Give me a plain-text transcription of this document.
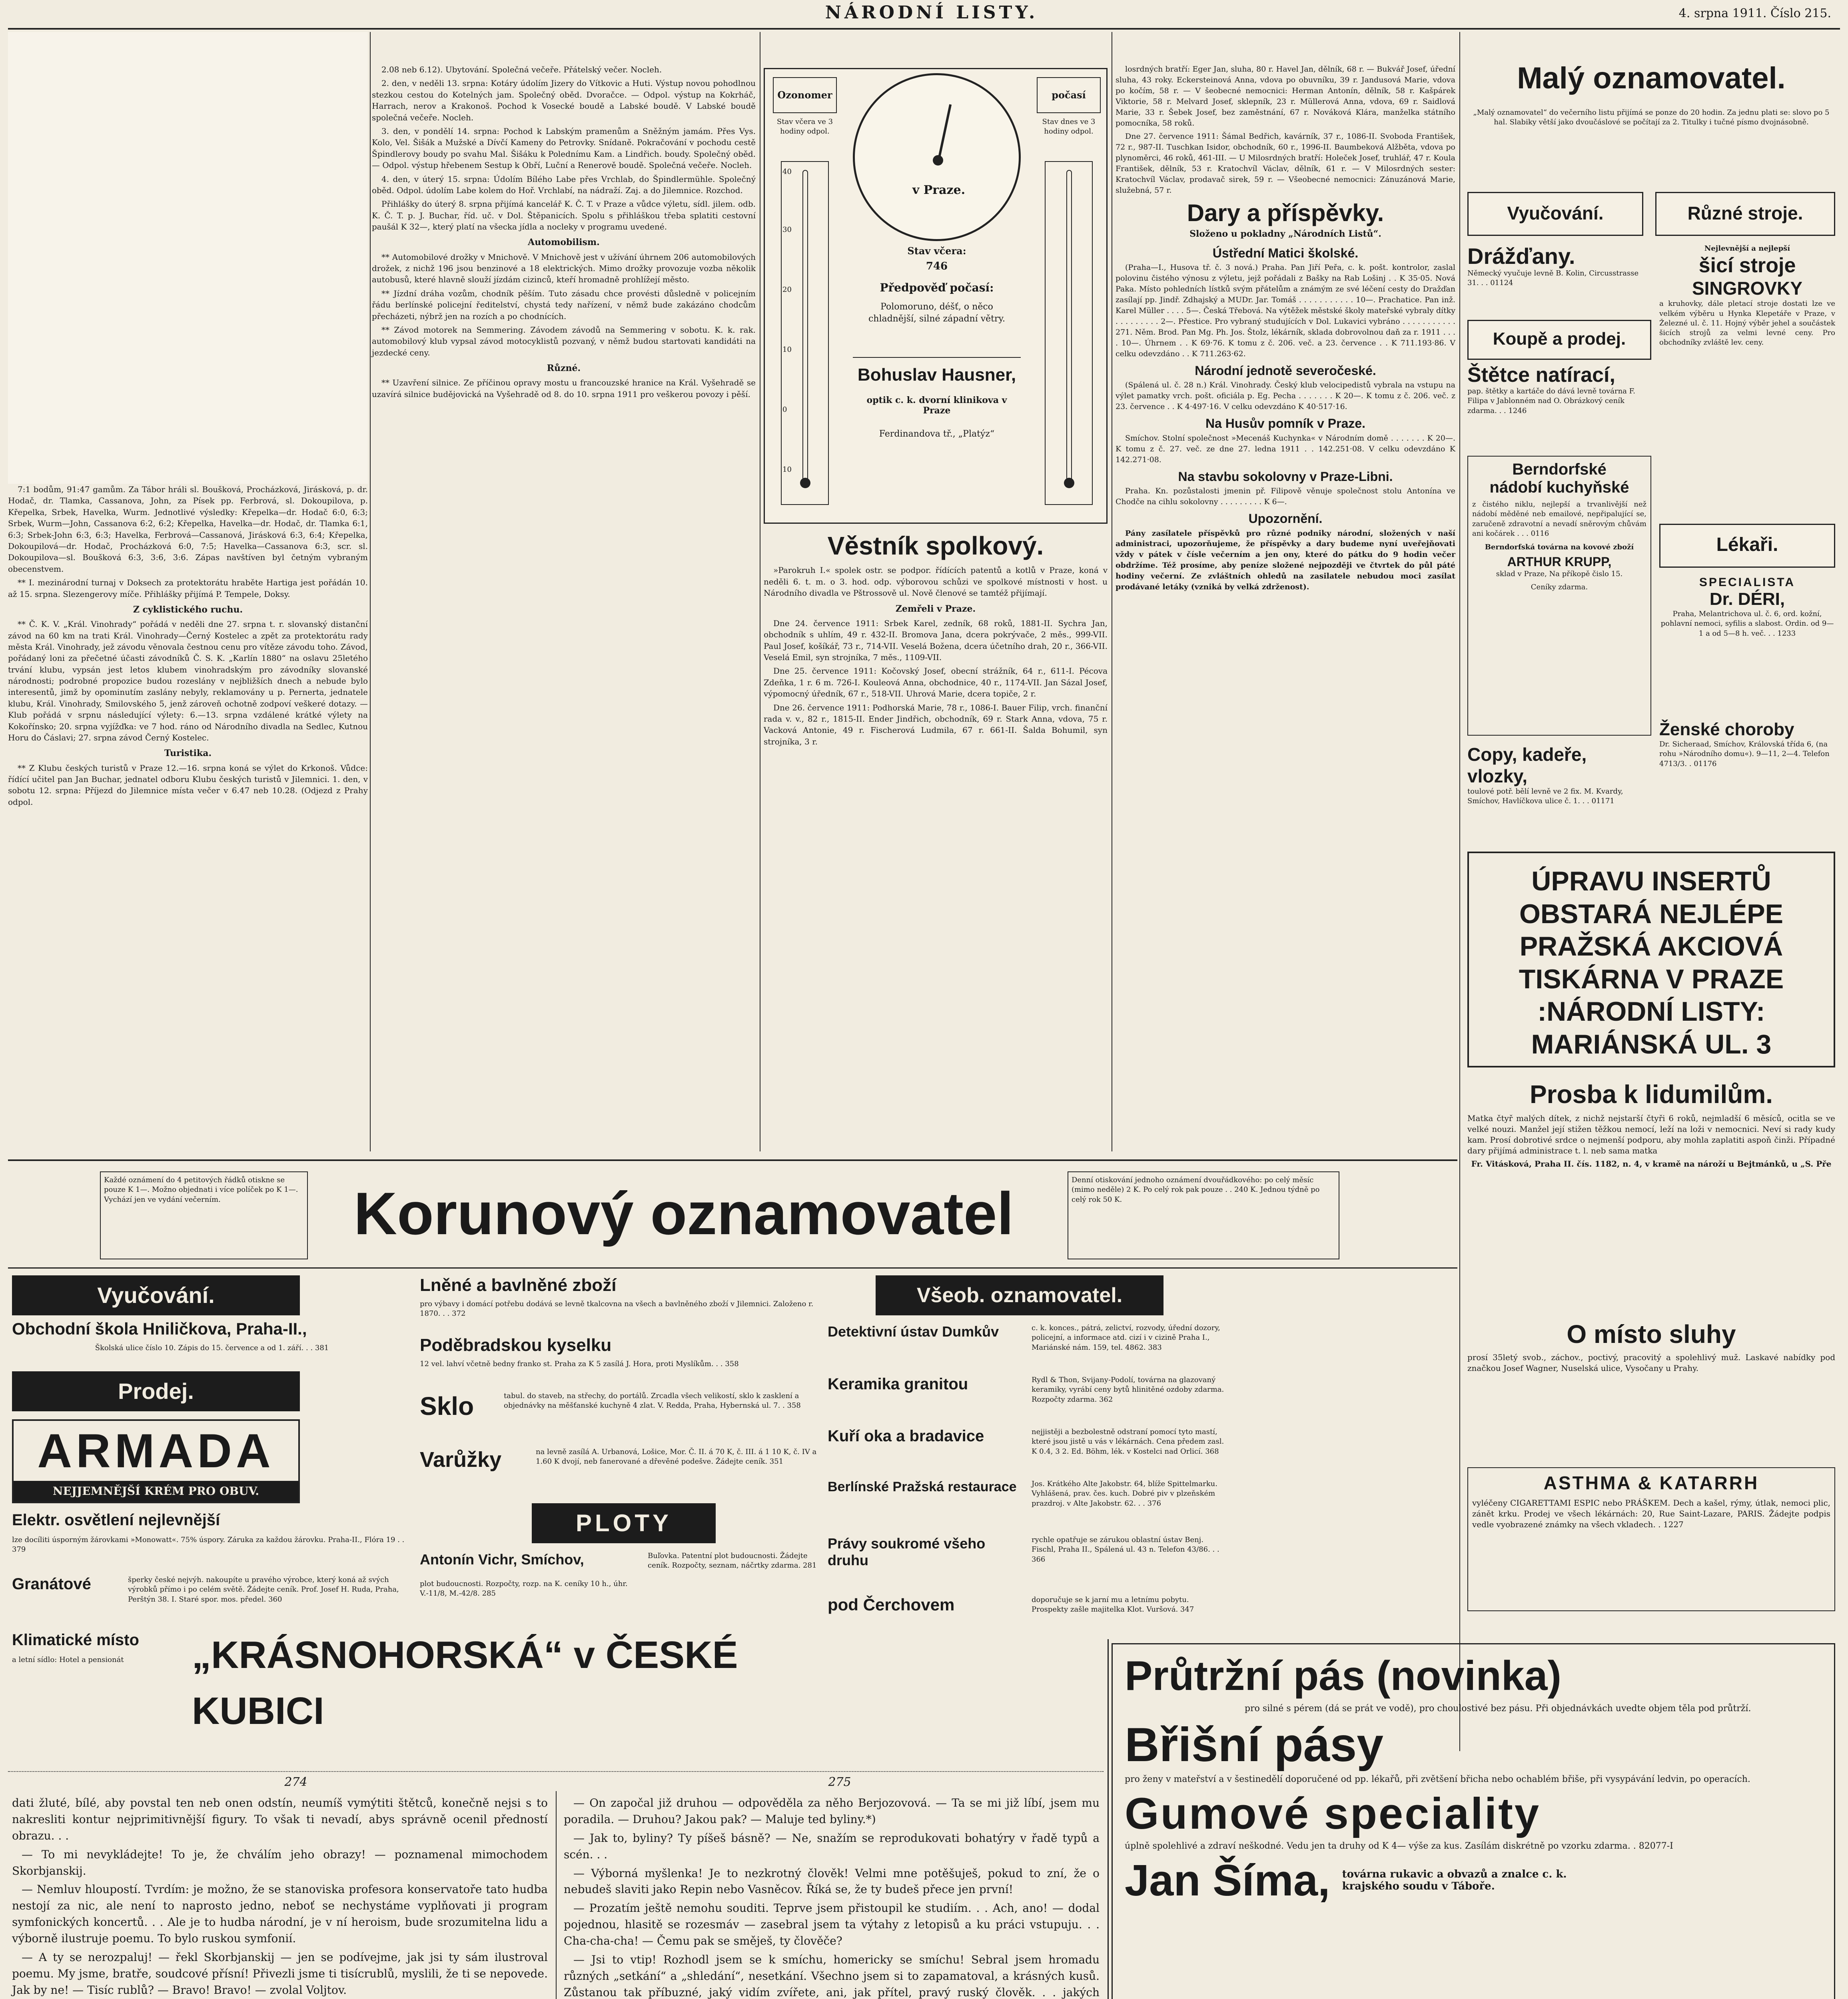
NÁRODNÍ LISTY.	4. srpna 1911. Číslo 215.

7:1 bodům, 91:47 gamům. Za Tábor hráli sl. Boušková, Procházková, Jirásková, p. dr. Hodač, dr. Tlamka, Cassanova, John, za Písek pp. Ferbrová, sl. Dokoupilova, p. Křepelka, Srbek, Havelka, Wurm. Jednotlivé výsledky: Křepelka—dr. Hodač 6:0, 6:3; Srbek, Wurm—John, Cassanova 6:2, 6:2; Křepelka, Havelka—dr. Hodač, dr. Tlamka 6:1, 6:3; Srbek-John 6:3, 6:3; Havelka, Ferbrová—Cassanová, Jirásková 6:3, 6:4; Křepelka, Dokoupilová—dr. Hodač, Procházková 6:0, 7:5; Havelka—Cassanova 6:3, scr. sl. Dokoupilova—sl. Boušková 6:3, 3:6, 3:6. Zápas navštíven byl četným vybraným obecenstvem.

** I. mezinárodní turnaj v Doksech za protektorátu hraběte Hartiga jest pořádán 10. až 15. srpna. Slezengerovy míče. Přihlášky přijímá P. Tempele, Doksy.

Z cyklistického ruchu.

** Č. K. V. „Král. Vinohrady“ pořádá v neděli dne 27. srpna t. r. slovanský distanční závod na 60 km na trati Král. Vinohrady—Černý Kostelec a zpět za protektorátu rady města Král. Vinohrady, jež závodu věnovala čestnou cenu pro vítěze závodu toho. Závod, pořádaný loni za přečetné účasti závodníků Č. S. K. „Karlín 1880“ na oslavu 25letého trvání klubu, vypsán jest letos klubem vinohradským pro závodníky slovanské národnosti; podrobné propozice budou rozeslány v nejbližších dnech a nebude bylo interesentů, jimž by opominutím zaslány nebyly, reklamovány u p. Pernerta, jednatele klubu, Král. Vinohrady, Smilovského 5, jenž zároveň ochotně zodpoví veškeré dotazy. — Klub pořádá v srpnu následující výlety: 6.—13. srpna vzdálené krátké výlety na Kokořínsko; 20. srpna vyjížďka: ve 7 hod. ráno od Národního divadla na Sedlec, Kutnou Horu do Čáslavi; 27. srpna závod Černý Kostelec.

Turistika.

** Z Klubu českých turistů v Praze 12.—16. srpna koná se výlet do Krkonoš. Vůdce: řídící učitel pan Jan Buchar, jednatel odboru Klubu českých turistů v Jilemnici. 1. den, v sobotu 12. srpna: Příjezd do Jilemnice místa večer v 6.47 neb 10.28. (Odjezd z Prahy odpol.

2.08 neb 6.12). Ubytování. Společná večeře. Přátelský večer. Nocleh.

2. den, v neděli 13. srpna: Kotáry údolím Jizery do Vítkovic a Huti. Výstup novou pohodlnou stezkou cestou do Kotelných jam. Společný oběd. Dvoračce. — Odpol. výstup na Kokrháč, Harrach, nerov a Krakonoš. Pochod k Vosecké boudě a Labské boudě. V Labské boudě společná večeře. Nocleh.

3. den, v pondělí 14. srpna: Pochod k Labským pramenům a Sněžným jamám. Přes Vys. Kolo, Vel. Šišák a Mužské a Dívčí Kameny do Petrovky. Snídaně. Pokračování v pochodu cestě Špindlerovy boudy po svahu Mal. Šišáku k Polednímu Kam. a Lindřich. boudy. Společný oběd. — Odpol. výstup hřebenem Sestup k Obří, Luční a Renerově boudě. Společná večeře. Nocleh.

4. den, v úterý 15. srpna: Údolím Bílého Labe přes Vrchlab, do Špindlermühle. Společný oběd. Odpol. údolím Labe kolem do Hoř. Vrchlabí, na nádraží. Zaj. a do Jilemnice. Rozchod.

Přihlášky do úterý 8. srpna přijímá kancelář K. Č. T. v Praze a vůdce výletu, sídl. jilem. odb. K. Č. T. p. J. Buchar, říd. uč. v Dol. Štěpanicích. Spolu s přihláškou třeba splatiti cestovní paušál K 32—, který platí na všecka jídla a nocleky v programu uvedené.

Automobilism.

** Automobilové drožky v Mnichově. V Mnichově jest v užívání úhrnem 206 automobilových drožek, z nichž 196 jsou benzinové a 18 elektrických. Mimo drožky provozuje vozba několik autobusů, které hlavně slouží jízdám cizinců, kteří hromadně prohlížejí město.

** Jízdní dráha vozům, chodník pěším. Tuto zásadu chce provésti důsledně v policejním řádu berlínské policejní ředitelství, chystá tedy nařízení, v němž bude zakázáno chodcům přecházeti, nýbrž jen na rozích a po chodnících.

** Závod motorek na Semmering. Závodem závodů na Semmering v sobotu. K. k. rak. automobilový klub vypsal závod motocyklistů pozvaný, v němž budou startovati kandidáti na jezdecké ceny.

Různé.

** Uzavření silnice. Ze příčinou opravy mostu u francouzské hranice na Král. Vyšehradě se uzavírá silnice budějovická na Vyšehradě od 8. do 10. srpna 1911 pro veškerou povozy i pěší.

Ozonomer	počasí
Stav včera ve 3 hodiny odpol.
Stav dnes ve 3 hodiny odpol.
40
30
20
10
0
10
v Praze.
Stav včera:
746
Předpověď počasí:
Polomoruno, déšť, o něco chladnější, silné západní větry.
Bohuslav Hausner,
optik c. k. dvorní klinikova v Praze
Ferdinandova tř., „Platýz“
Věstník spolkový.

»Parokruh I.« spolek ostr. se podpor. řídících patentů a kotlů v Praze, koná v neděli 6. t. m. o 3. hod. odp. výborovou schůzi ve spolkové místnosti v host. u Národního divadla ve Pštrossově ul. Nově členové se tamtéž přijímají.

Zemřeli v Praze.

Dne 24. července 1911: Srbek Karel, zedník, 68 roků, 1881-II. Sychra Jan, obchodník s uhlím, 49 r. 432-II. Bromova Jana, dcera pokrývače, 2 měs., 999-VII. Paul Josef, košíkář, 73 r., 714-VII. Veselá Božena, dcera účetního drah, 20 r., 366-VII. Veselá Emil, syn strojníka, 7 měs., 1109-VII.

Dne 25. července 1911: Kočovský Josef, obecní strážník, 64 r., 611-I. Pécova Zdeňka, 1 r. 6 m. 726-I. Kouleová Anna, obchodnice, 40 r., 1174-VII. Jan Sázal Josef, výpomocný úředník, 67 r., 518-VII. Uhrová Marie, dcera topiče, 2 r.

Dne 26. července 1911: Podhorská Marie, 78 r., 1086-I. Bauer Filip, vrch. finanční rada v. v., 82 r., 1815-II. Ender Jindřich, obchodník, 69 r. Stark Anna, vdova, 75 r. Vacková Antonie, 49 r. Fischerová Ludmila, 67 r. 661-II. Šalda Bohumil, syn strojníka, 3 r.

losrdných bratří: Eger Jan, sluha, 80 r. Havel Jan, dělník, 68 r. — Bukvář Josef, úřední sluha, 43 roky. Eckersteinová Anna, vdova po obuvníku, 39 r. Jandusová Marie, vdova po kočím, 58 r. — V šeobecné nemocnici: Herman Antonín, dělník, 58 r. Kašpárek Viktorie, 58 r. Melvard Josef, sklepník, 23 r. Müllerová Anna, vdova, 69 r. Saidlová Marie, 33 r. Šebek Josef, bez zaměstnání, 67 r. Nováková Klára, manželka státního pomocníka, 58 roků.

Dne 27. července 1911: Šámal Bedřich, kavárník, 37 r., 1086-II. Svoboda František, 72 r., 987-II. Tuschkan Isidor, obchodník, 60 r., 1996-II. Baumbeková Alžběta, vdova po plynoměrci, 46 roků, 461-III. — U Milosrdných bratří: Holeček Josef, truhlář, 47 r. Koula František, dělník, 53 r. Kratochvíl Václav, dělník, 61 r. — V Milosrdných sester: Kratochvíl Václav, prodavač sirek, 59 r. — Všeobecné nemocnici: Zánuzánová Marie, služebná, 57 r.

Dary a příspěvky.
Složeno u pokladny „Národních Listů“.
Ústřední Matici školské.

(Praha—I., Husova tř. č. 3 nová.) Praha. Pan Jiří Peřa, c. k. pošt. kontrolor, zaslal polovinu čistého výnosu z výletu, jejž pořádali z Bašky na Rab Lošinj . . K 35·05. Nová Paka. Místo pohledních lístků svým přátelům a známým ze své léčení cesty do Dražďan zasílají pp. Jindř. Zdhajský a MUDr. Jar. Tomáš . . . . . . . . . . . 10—. Prachatice. Pan inž. Karel Müller . . . . 5—. Česká Třebová. Na výtěžek městské školy mateřské vybraly dítky . . . . . . . . . 2—. Přestice. Pro vybraný studujících v Dol. Lukavici vybráno . . . . . . . . . . . 271. Něm. Brod. Pan Mg. Ph. Jos. Štolz, lékárník, sklada dobrovolnou daň za r. 1911 . . . . 10—. Úhrnem . . K 69·76. K tomu z č. 206. več. a 23. července . . K 711.193·86. V celku odevzdáno . . K 711.263·62.

Národní jednotě severočeské.

(Spálená ul. č. 28 n.) Král. Vinohrady. Český klub velocipedistů vybrala na vstupu na výlet pamatky vrch. pošt. oficiála p. Eg. Pecha . . . . . . . K 20—. K tomu z č. 206. več. z 23. července . . K 4·497·16. V celku odevzdáno K 40·517·16.

Na Husův pomník v Praze.

Smíchov. Stolní společnost »Mecenáš Kuchynka« v Národním domě . . . . . . . K 20—. K tomu z č. 27. več. ze dne 27. ledna 1911 . . 142.251·08. V celku odevzdáno K 142.271·08.

Na stavbu sokolovny v Praze-Libni.

Praha. Kn. pozůstalosti jmenin př. Filipově věnuje společnost stolu Antonína ve Chodče na cihlu sokolovny . . . . . . . . . K 6—.

Upozornění.

Pány zasílatele příspěvků pro různé podniky národní, složených v naší administraci, upozorňujeme, že příspěvky a dary budeme nyní uveřejňovati vždy v pátek v čísle večerním a jen ony, které do pátku do 9 hodin večer obdržíme. Též prosíme, aby peníze složené nejpozději ve čtvrtek do půl páté hodiny večerní. Ze zvláštních ohledů na zasilatele nebudou moci zasílat prodávané letáky (vzniká by velká zdrženost).

Malý oznamovatel.
„Malý oznamovatel“ do večerního listu přijímá se ponze do 20 hodin. Za jednu plati se: slovo po 5 hal. Slabiky větší jako dvoučáslové se počítají za 2. Titulky i tučné písmo dvojnásobně.
Vyučování.	Různé stroje.
Drážďany.
Německý vyučuje levně B. Kolin, Circusstrasse 31. . . 01124
Koupě a prodej.
Štětce natírací,
pap. štětky a kartáče do dává levně továrna F. Filipa v Jablonném nad O. Obrázkový ceník zdarma. . . 1246
Berndorfské
nádobí kuchyňské
z čistého niklu, nejlepší a trvanlivější než nádobí měděné neb emailové, nepřipalující se, zaručeně zdravotní a nevadí sněrovým chůvám ani kočárek . . . 0116
Berndorfská továrna na kovové zboží
ARTHUR KRUPP,
sklad v Praze, Na příkopě čislo 15.
Ceníky zdarma.
Copy, kadeře, vlozky,
toulové potř. bělí levně ve 2 fix. M. Kvardy, Smíchov, Havlíčkova ulice č. 1. . . 01171
Nejlevnější a nejlepší
šicí stroje
SINGROVKY
a kruhovky, dále pletací stroje dostati lze ve velkém výběru u Hynka Klepetáře v Praze, v Železné ul. č. 11. Hojný výběr jehel a součástek šicích strojů za velmi levné ceny. Pro obchodníky zvláště lev. ceny.
Lékaři.
SPECIALISTA
Dr. DÉRI,
Praha, Melantrichova ul. č. 6, ord. kožní, pohlavní nemoci, syfilis a slabost. Ordin. od 9—1 a od 5—8 h. več. . . 1233
Ženské choroby
Dr. Sicheraad, Smíchov, Královská třída 6, (na rohu »Národního domu«). 9—11, 2—4. Telefon 4713/3. . 01176
ÚPRAVU INSERTŮ OBSTARÁ NEJLÉPE PRAŽSKÁ AKCIOVÁ TISKÁRNA V PRAZE :NÁRODNÍ LISTY: MARIÁNSKÁ UL. 3
Prosba k lidumilům.
Matka čtyř malých dítek, z nichž nejstarší čtyři 6 roků, nejmladší 6 měsíců, ocitla se ve velké nouzi. Manžel její stižen těžkou nemocí, leží na loži v nemocnici. Neví si rady kudy kam. Prosí dobrotivé srdce o nejmenší podporu, aby mohla zaplatiti aspoň činži. Případné dary přijímá administrace t. l. neb sama matka
Fr. Vitásková, Praha II. čís. 1182, n. 4, v kramě na nároží u Bejtmánků, u „S. Pře
O místo sluhy
prosí 35letý svob., záchov., poctivý, pracovitý a spolehlivý muž. Laskavé nabídky pod značkou Josef Wagner, Nuselská ulice, Vysočany u Prahy.
Každé oznámení do 4 petitových řádků otiskne se pouze K 1—. Možno objednati i více políček po K 1—. Vychází jen ve vydání večerním.	Korunový oznamovatel	Denní otiskování jednoho oznámení dvouřádkového: po celý měsíc (mimo neděle) 2 K. Po celý rok pak pouze . . 240 K. Jednou týdně po celý rok 50 K.
Vyučování.
Obchodní škola Hniličkova, Praha-II.,
Školská ulice číslo 10. Zápis do 15. července a od 1. září. . . 381
Prodej.
ARMADA
NEJJEMNĚJŠÍ KRÉM PRO OBUV.
Elektr. osvětlení nejlevnější
lze docíliti úsporným žárovkami »Monowatt«. 75% úspory. Záruka za každou žárovku. Praha-II., Flóra 19 . . 379
Granátové	šperky české nejvýh. nakoupíte u pravého výrobce, který koná až svých výrobků přímo i po celém světě. Žádejte ceník. Prof. Josef H. Ruda, Praha, Perštýn 38. I. Staré spor. mos. předel. 360
Klimatické místo
a letní sídlo: Hotel a pensionát	„KRÁSNOHORSKÁ“ v ČESKÉ KUBICI
Lněné a bavlněné zboží
pro výbavy i domácí potřebu dodává se levně tkalcovna na všech a bavlněného zboží v Jilemnici. Založeno r. 1870. . . 372
Poděbradskou kyselku
12 vel. lahví včetně bedny franko st. Praha za K 5 zasílá J. Hora, proti Myslíkům. . . 358
Sklo	tabul. do staveb, na střechy, do portálů. Zrcadla všech velikostí, sklo k zasklení a objednávky na měšťanské kuchyně 4 zlat. V. Redda, Praha, Hybernská ul. 7. . 358
Varůžky	na levně zasílá A. Urbanová, Lošice, Mor. Č. II. á 70 K, č. III. á 1 10 K, č. IV a 1.60 K dvojí, neb fanerované a dřevěné podešve. Žádejte ceník. 351
PLOTY
Antonín Vichr, Smíchov,	Buľovka. Patentní plot budoucnosti. Žádejte ceník. Rozpočty, seznam, náčrtky zdarma. 281
plot budoucnosti. Rozpočty, rozp. na K. ceníky 10 h., úhr. V.-11/8, M.-42/8. 285
Všeob. oznamovatel.
Detektivní ústav Dumkův	c. k. konces., pátrá, zelictví, rozvody, úřední dozory, policejní, a informace atd. cizí i v cizině Praha I., Mariánské nám. 159, tel. 4862. 383
Keramika granitou	Rydl & Thon, Svijany-Podolí, továrna na glazovaný keramiky, vyrábí ceny bytů hlinitěné ozdoby zdarma. Rozpočty zdarma. 362
Kuří oka a bradavice	nejjistěji a bezbolestně odstraní pomocí tyto mastí, které jsou jistě u vás v lékárnách. Cena předem zasl. K 0.4, 3 2. Ed. Böhm, lék. v Kostelci nad Orlicí. 368
Berlínské Pražská restaurace	Jos. Krátkého Alte Jakobstr. 64, blíže Spittelmarku. Vyhlášená, prav. čes. kuch. Dobré piv v plzeňském prazdroj. v Alte Jakobstr. 62. . . 376
Právy soukromé všeho druhu
rychle opatřuje se zárukou oblastní ústav Benj. Fischl, Praha II., Spálená ul. 43 n. Telefon 43/86. . . 366
pod Čerchovem	doporučuje se k jarní mu a letnímu pobytu. Prospekty zašle majitelka Klot. Vuršová. 347
ASTHMA & KATARRH
vyléčeny CIGARETTAMI ESPIC nebo PRÁŠKEM. Dech a kašel, rýmy, útlak, nemoci plic, zánět krku. Prodej ve všech lékárnách: 20, Rue Saint-Lazare, PARIS. Žádejte podpis vedle vyobrazené známky na všech vkladech. . 1227
Průtržní pás (novinka)
pro silné s pérem (dá se prát ve vodě), pro choulostivé bez pásu. Při objednávkách uvedte objem těla pod průtrží.
Břišní pásy
pro ženy v mateřství a v šestinedělí doporučené od pp. lékařů, při zvětšení břicha nebo ochablém břiše, při vysypávání ledvin, po operacích.
Gumové speciality
úplně spolehlivé a zdraví neškodné. Vedu jen ta druhy od K 4— výše za kus. Zasílám diskrétně po vzorku zdarma. . 82077-I
Jan Šíma, továrna rukavic a obvazů a znalce c. k. krajského soudu v Táboře.
274

dati žluté, bílé, aby povstal ten neb onen odstín, neumíš vymýtiti štětců, konečně nejsi s to nakresliti kontur nejprimitivnější figury. To však ti nevadí, abys správně ocenil předností obrazu. . .

— To mi nevykládejte! To je, že chválím jeho obrazy! — poznamenal mimochodem Skorbjanskij.

— Nemluv hloupostí. Tvrdím: je možno, že se stanoviska profesora konservatoře tato hudba nestojí za nic, ale není to naprosto jedno, neboť se nechystáme vyplňovati ji program symfonických koncertů. . . Ale je to hudba národní, je v ní heroism, bude srozumitelna lidu a výborně ilustruje poemu. To bylo ruskou symfonií.

— A ty se nerozpaluj! — řekl Skorbjanskij — jen se podívejme, jak jsi ty sám ilustroval poemu. My jsme, bratře, soudcové přísní! Přivezli jsme ti tisícrublů, myslili, že ti se nepovede. Jak by ne! — Tisíc rublů? — Bravo! Bravo! — zvolal Voljtov.

275

— On započal již druhou — odpověděla za něho Berjozovová. — Ta se mi již líbí, jsem mu poradila. — Druhou? Jakou pak? — Maluje ted byliny.*)

— Jak to, byliny? Ty píšeš básně? — Ne, snažím se reprodukovati bohatýry v řadě typů a scén. . .

— Výborná myšlenka! Je to nezkrotný člověk! Velmi mne potěšuješ, pokud to zní, že o nebudeš slaviti jako Repin nebo Vasněcov. Říká se, že ty budeš přece jen první!

— Prozatím ještě nemohu souditi. Teprve jsem přistoupil ke studiím. . . Ach, ano! — dodal pojednou, hlasitě se rozesmáv — zasebral jsem ta výtahy z letopisů a ku práci vstupuju. . . Cha-cha-cha! — Čemu pak se směješ, ty člověče?

— Jsi to vtip! Rozhodl jsem se k smíchu, homericky se smíchu! Sebral jsem hromadu různých „setkání“ a „shledání“, nesetkání. Všechno jsem si to zapamatoval, a krásných kusů. Zůstanou tak příbuzné, jaký vidím zvířete, ani, jak přítel, pravý ruský člověk. . . jakých
